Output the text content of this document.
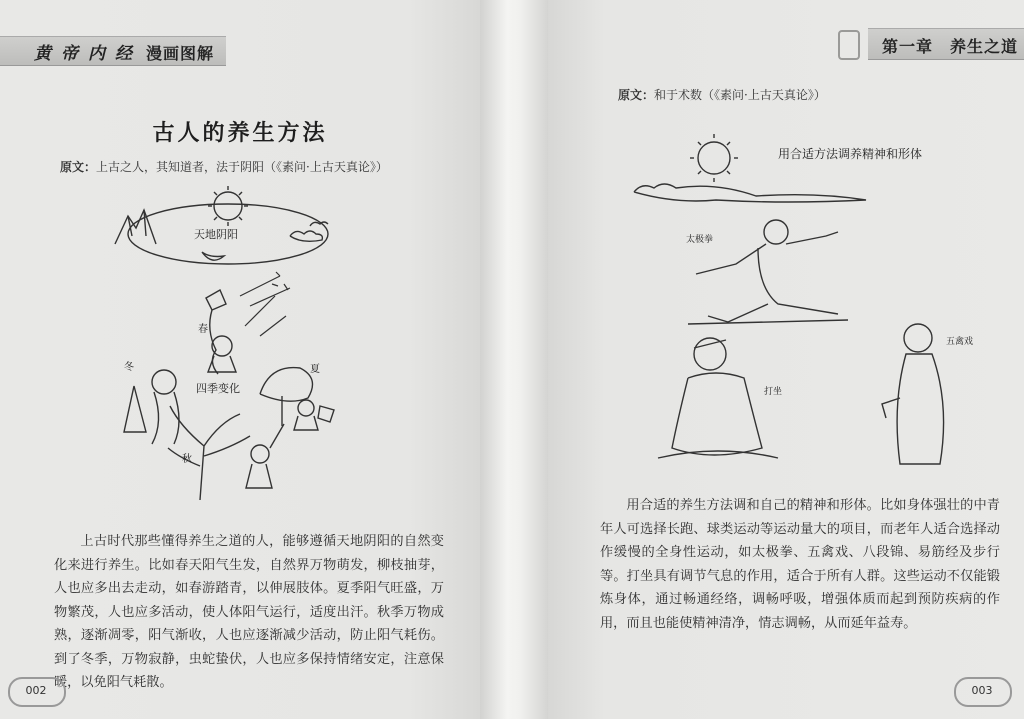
黄帝内经 漫画图解
古人的养生方法
原文：上古之人，其知道者，法于阴阳（《素问·上古天真论》）
天地阴阳
春
冬	夏
四季变化
秋

上古时代那些懂得养生之道的人，能够遵循天地阴阳的自然变化来进行养生。比如春天阳气生发，自然界万物萌发，柳枝抽芽，人也应多出去走动，如春游踏青，以伸展肢体。夏季阳气旺盛，万物繁茂，人也应多活动，使人体阳气运行，适度出汗。秋季万物成熟，逐渐凋零，阳气渐收，人也应逐渐减少活动，防止阳气耗伤。到了冬季，万物寂静，虫蛇蛰伏，人也应多保持情绪安定，注意保暖，以免阳气耗散。

002
第一章　养生之道
原文：和于术数（《素问·上古天真论》）
用合适方法调养精神和形体
太极拳
打坐
五禽戏

用合适的养生方法调和自己的精神和形体。比如身体强壮的中青年人可选择长跑、球类运动等运动量大的项目，而老年人适合选择动作缓慢的全身性运动，如太极拳、五禽戏、八段锦、易筋经及步行等。打坐具有调节气息的作用，适合于所有人群。这些运动不仅能锻炼身体，通过畅通经络，调畅呼吸，增强体质而起到预防疾病的作用，而且也能使精神清净，情志调畅，从而延年益寿。

003
